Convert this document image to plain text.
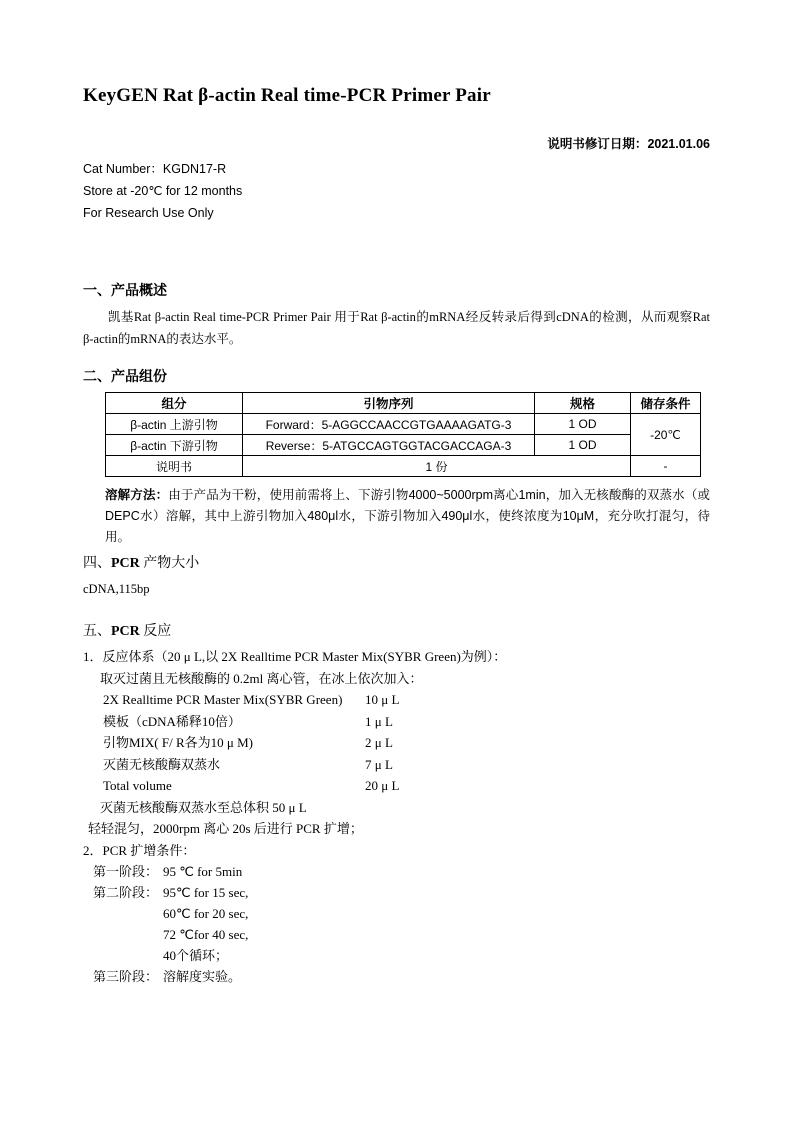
KeyGEN Rat β-actin Real time-PCR Primer Pair
说明书修订日期：2021.01.06
Cat Number：KGDN17-R
Store at -20℃ for 12 months
For Research Use Only
一、产品概述

凯基Rat β-actin Real time-PCR Primer Pair 用于Rat β-actin的mRNA经反转录后得到cDNA的检测，从而观察Rat β-actin的mRNA的表达水平。

二、产品组份
组分	引物序列	规格	储存条件
β-actin 上游引物	Forward：5-AGGCCAACCGTGAAAAGATG-3	1 OD	-20℃
β-actin 下游引物	Reverse：5-ATGCCAGTGGTACGACCAGA-3	1 OD	
说明书	1 份		-

溶解方法：由于产品为干粉，使用前需将上、下游引物4000~5000rpm离心1min，加入无核酸酶的双蒸水（或DEPC水）溶解，其中上游引物加入480μl水，下游引物加入490μl水，使终浓度为10μM，充分吹打混匀，待用。

四、PCR 产物大小
cDNA,115bp
五、PCR 反应
1．反应体系（20 μ L,以 2X Realltime PCR Master Mix(SYBR Green)为例）：
取灭过菌且无核酸酶的 0.2ml 离心管，在冰上依次加入：
2X Realltime PCR Master Mix(SYBR Green)	10 μ L
模板（cDNA稀释10倍）	1 μ L
引物MIX( F/ R各为10 μ M)	2 μ L
灭菌无核酸酶双蒸水	7 μ L
Total volume	20 μ L
灭菌无核酸酶双蒸水至总体积 50 μ L
轻轻混匀，2000rpm 离心 20s 后进行 PCR 扩增；
2．PCR 扩增条件：
第一阶段： 95 ℃ for 5min
第二阶段： 95℃ for 15 sec,
60℃ for 20 sec,
72 ℃for 40 sec,
40个循环；
第三阶段： 溶解度实验。
